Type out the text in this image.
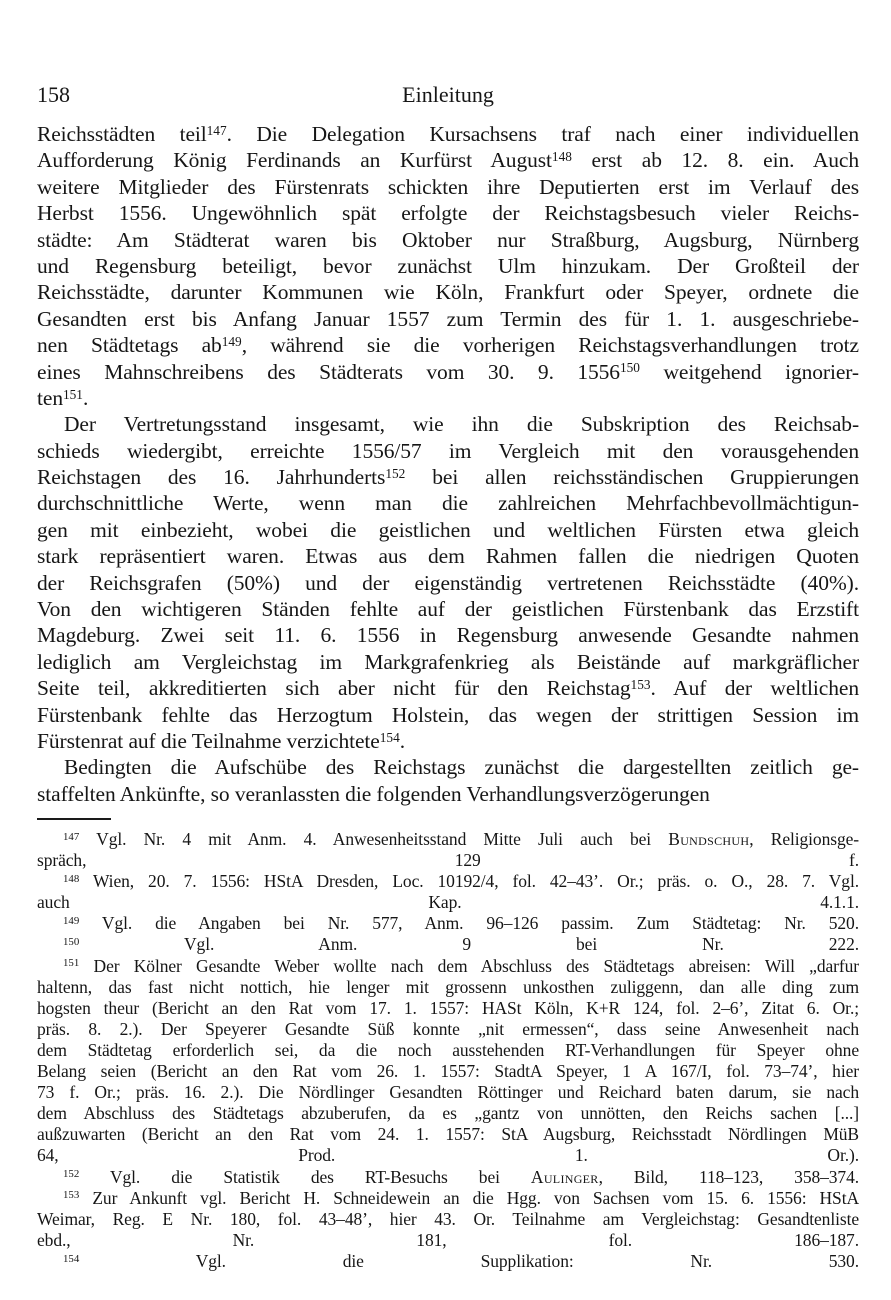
158	Einleitung
Reichsstädten teil$^{147}$. Die Delegation Kursachsens traf nach einer individuellen
Aufforderung König Ferdinands an Kurfürst August$^{148}$ erst ab 12. 8. ein. Auch
weitere Mitglieder des Fürstenrats schickten ihre Deputierten erst im Verlauf des
Herbst 1556. Ungewöhnlich spät erfolgte der Reichstagsbesuch vieler Reichs-
städte: Am Städterat waren bis Oktober nur Straßburg, Augsburg, Nürnberg
und Regensburg beteiligt, bevor zunächst Ulm hinzukam. Der Großteil der
Reichsstädte, darunter Kommunen wie Köln, Frankfurt oder Speyer, ordnete die
Gesandten erst bis Anfang Januar 1557 zum Termin des für 1. 1. ausgeschriebe-
nen Städtetags ab$^{149}$, während sie die vorherigen Reichstagsverhandlungen trotz
eines Mahnschreibens des Städterats vom 30. 9. 1556$^{150}$ weitgehend ignorier-
ten$^{151}$.
Der Vertretungsstand insgesamt, wie ihn die Subskription des Reichsab-
schieds wiedergibt, erreichte 1556/57 im Vergleich mit den vorausgehenden
Reichstagen des 16. Jahrhunderts$^{152}$ bei allen reichsständischen Gruppierungen
durchschnittliche Werte, wenn man die zahlreichen Mehrfachbevollmächtigun-
gen mit einbezieht, wobei die geistlichen und weltlichen Fürsten etwa gleich
stark repräsentiert waren. Etwas aus dem Rahmen fallen die niedrigen Quoten
der Reichsgrafen (50%) und der eigenständig vertretenen Reichsstädte (40%).
Von den wichtigeren Ständen fehlte auf der geistlichen Fürstenbank das Erzstift
Magdeburg. Zwei seit 11. 6. 1556 in Regensburg anwesende Gesandte nahmen
lediglich am Vergleichstag im Markgrafenkrieg als Beistände auf markgräflicher
Seite teil, akkreditierten sich aber nicht für den Reichstag$^{153}$. Auf der weltlichen
Fürstenbank fehlte das Herzogtum Holstein, das wegen der strittigen Session im
Fürstenrat auf die Teilnahme verzichtete$^{154}$.
Bedingten die Aufschübe des Reichstags zunächst die dargestellten zeitlich ge-
staffelten Ankünfte, so veranlassten die folgenden Verhandlungsverzögerungen
$^{147}$ Vgl. Nr. 4 mit Anm. 4. Anwesenheitsstand Mitte Juli auch bei Bundschuh, Religionsge-
spräch, 129 f.
$^{148}$ Wien, 20. 7. 1556: HStA Dresden, Loc. 10192/4, fol. 42–43’. Or.; präs. o. O., 28. 7. Vgl.
auch Kap. 4.1.1.
$^{149}$ Vgl. die Angaben bei Nr. 577, Anm. 96–126 passim. Zum Städtetag: Nr. 520.
$^{150}$	Vgl. Anm. 9 bei Nr. 222.
$^{151}$ Der Kölner Gesandte Weber wollte nach dem Abschluss des Städtetags abreisen: Will „darfur
haltenn, das fast nicht nottich, hie lenger mit grossenn unkosthen zuliggenn, dan alle ding zum
hogsten theur (Bericht an den Rat vom 17. 1. 1557: HASt Köln, K+R 124, fol. 2–6’, Zitat 6. Or.;
präs. 8. 2.). Der Speyerer Gesandte Süß konnte „nit ermessen“, dass seine Anwesenheit nach
dem Städtetag erforderlich sei, da die noch ausstehenden RT-Verhandlungen für Speyer ohne
Belang seien (Bericht an den Rat vom 26. 1. 1557: StadtA Speyer, 1 A 167/I, fol. 73–74’, hier
73 f. Or.; präs. 16. 2.). Die Nördlinger Gesandten Röttinger und Reichard baten darum, sie nach
dem Abschluss des Städtetags abzuberufen, da es „gantz von unnötten, den Reichs sachen [...]
außzuwarten (Bericht an den Rat vom 24. 1. 1557: StA Augsburg, Reichsstadt Nördlingen MüB
64, Prod. 1. Or.).
$^{152}$ Vgl. die Statistik des RT-Besuchs bei Aulinger, Bild, 118–123, 358–374.
$^{153}$ Zur Ankunft vgl. Bericht H. Schneidewein an die Hgg. von Sachsen vom 15. 6. 1556: HStA
Weimar, Reg. E Nr. 180, fol. 43–48’, hier 43. Or. Teilnahme am Vergleichstag: Gesandtenliste
ebd., Nr. 181, fol. 186–187.
$^{154}$	Vgl. die Supplikation: Nr. 530.
